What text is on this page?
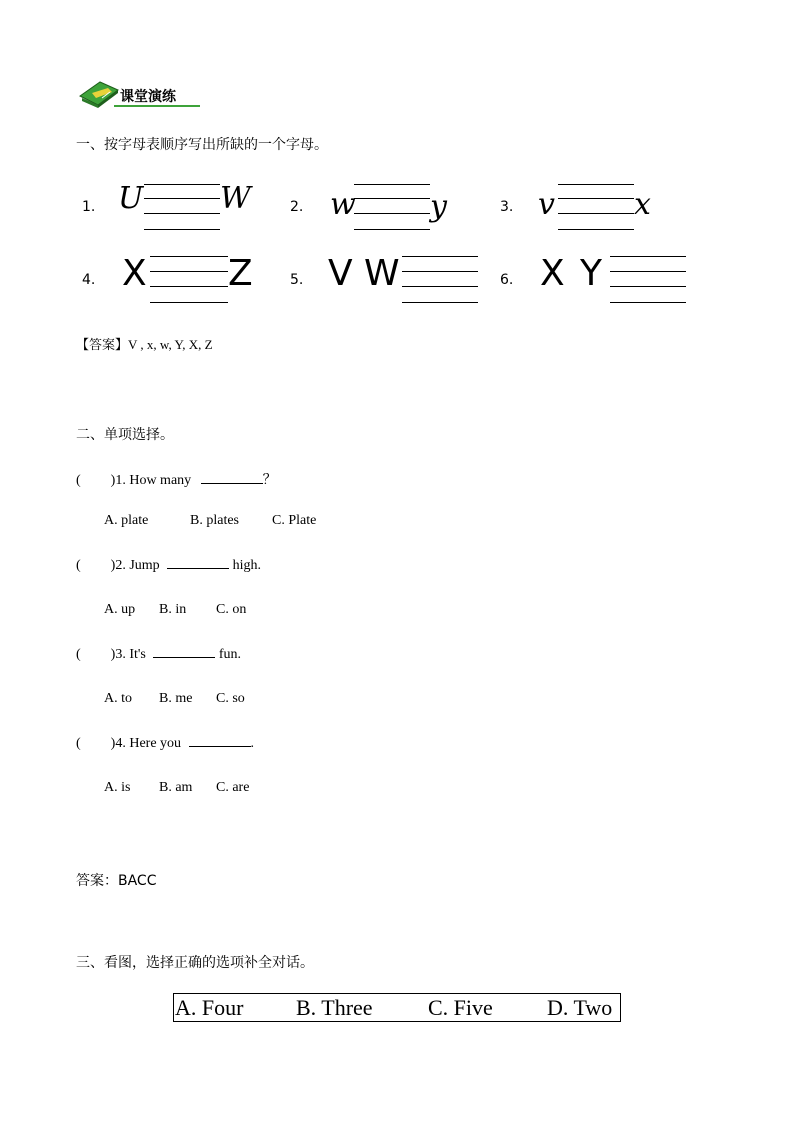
课堂演练
一、按字母表顺序写出所缺的一个字母。
1. U	W	2. w y	3. v	x
4. X Z	5. V W	6. X Y
【答案】V , x, w, Y, X, Z
二、单项选择。
( )1. How many	？
A. plate	B. plates C. Plate
( )2. Jump	high.
A. up B. in C. on
( )3. It's	fun.
A. to B. me C. so
( )4. Here you	.
A. is B. am C. are
答案：BACC
三、看图，选择正确的选项补全对话。
A. Four B. Three	C. Five D. Two
